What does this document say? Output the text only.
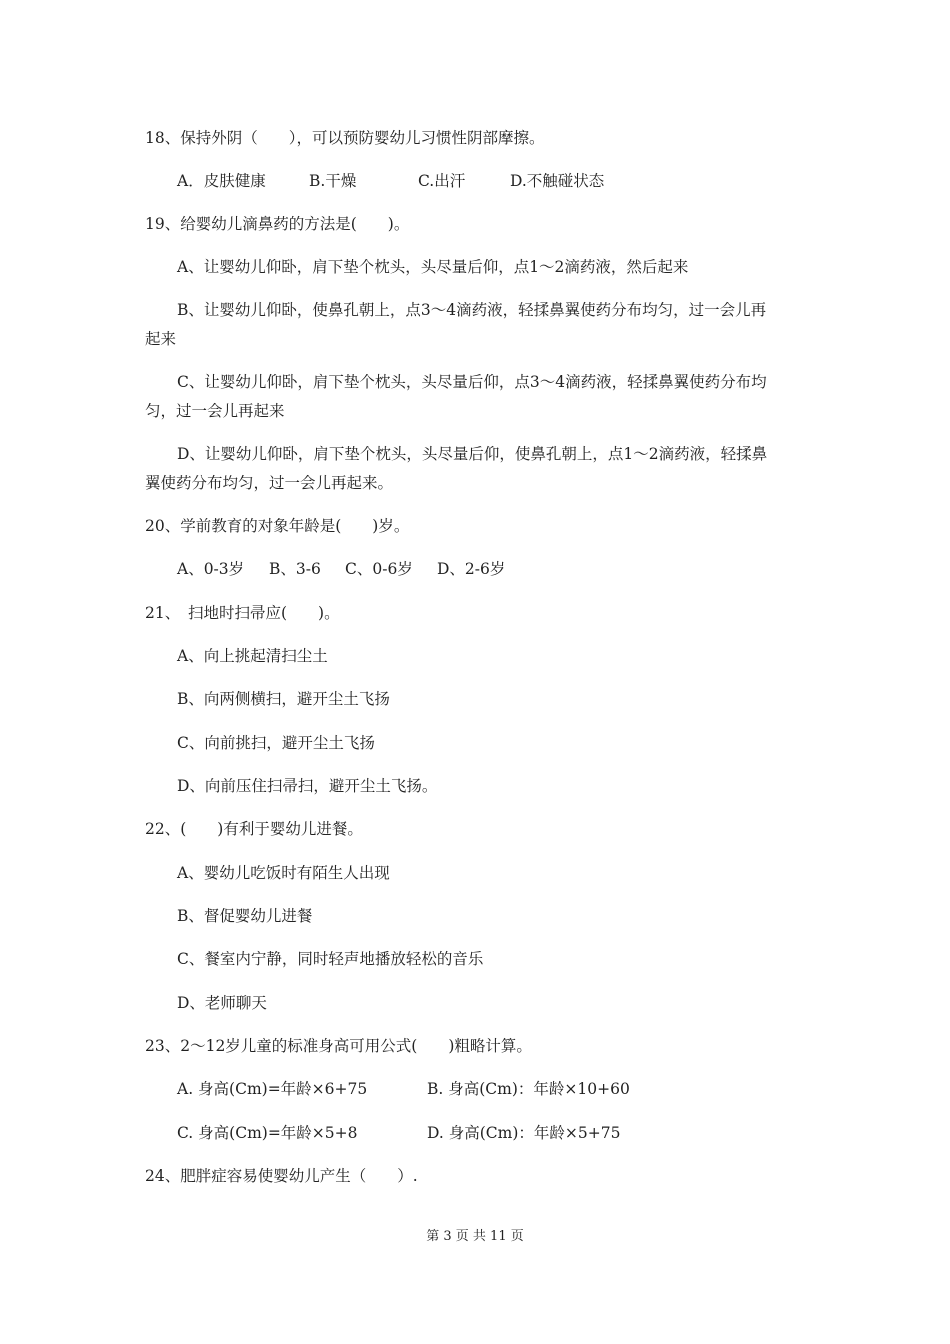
18、保持外阴（　　），可以预防婴幼儿习惯性阴部摩擦。
A．皮肤健康	B.干燥	C.出汗	D.不触碰状态
19、给婴幼儿滴鼻药的方法是(　　)。
A、让婴幼儿仰卧，肩下垫个枕头，头尽量后仰，点1～2滴药液，然后起来
B、让婴幼儿仰卧，使鼻孔朝上，点3～4滴药液，轻揉鼻翼使药分布均匀，过一会儿再
起来
C、让婴幼儿仰卧，肩下垫个枕头，头尽量后仰，点3～4滴药液，轻揉鼻翼使药分布均
匀，过一会儿再起来
D、让婴幼儿仰卧，肩下垫个枕头，头尽量后仰，使鼻孔朝上，点1～2滴药液，轻揉鼻
翼使药分布均匀，过一会儿再起来。
20、学前教育的对象年龄是(　　)岁。
A、0-3岁	B、3-6	C、0-6岁	D、2-6岁
21、　扫地时扫帚应(　　)。
A、向上挑起清扫尘土
B、向两侧横扫，避开尘土飞扬
C、向前挑扫，避开尘土飞扬
D、向前压住扫帚扫，避开尘土飞扬。
22、(　　)有利于婴幼儿进餐。
A、婴幼儿吃饭时有陌生人出现
B、督促婴幼儿进餐
C、餐室内宁静，同时轻声地播放轻松的音乐
D、老师聊天
23、2～12岁儿童的标准身高可用公式(　　)粗略计算。
A. 身高(Cm)=年龄×6+75	B. 身高(Cm)：年龄×10+60
C. 身高(Cm)=年龄×5+8	D. 身高(Cm)：年龄×5+75
24、肥胖症容易使婴幼儿产生（　　）.
第 3 页 共 11 页
